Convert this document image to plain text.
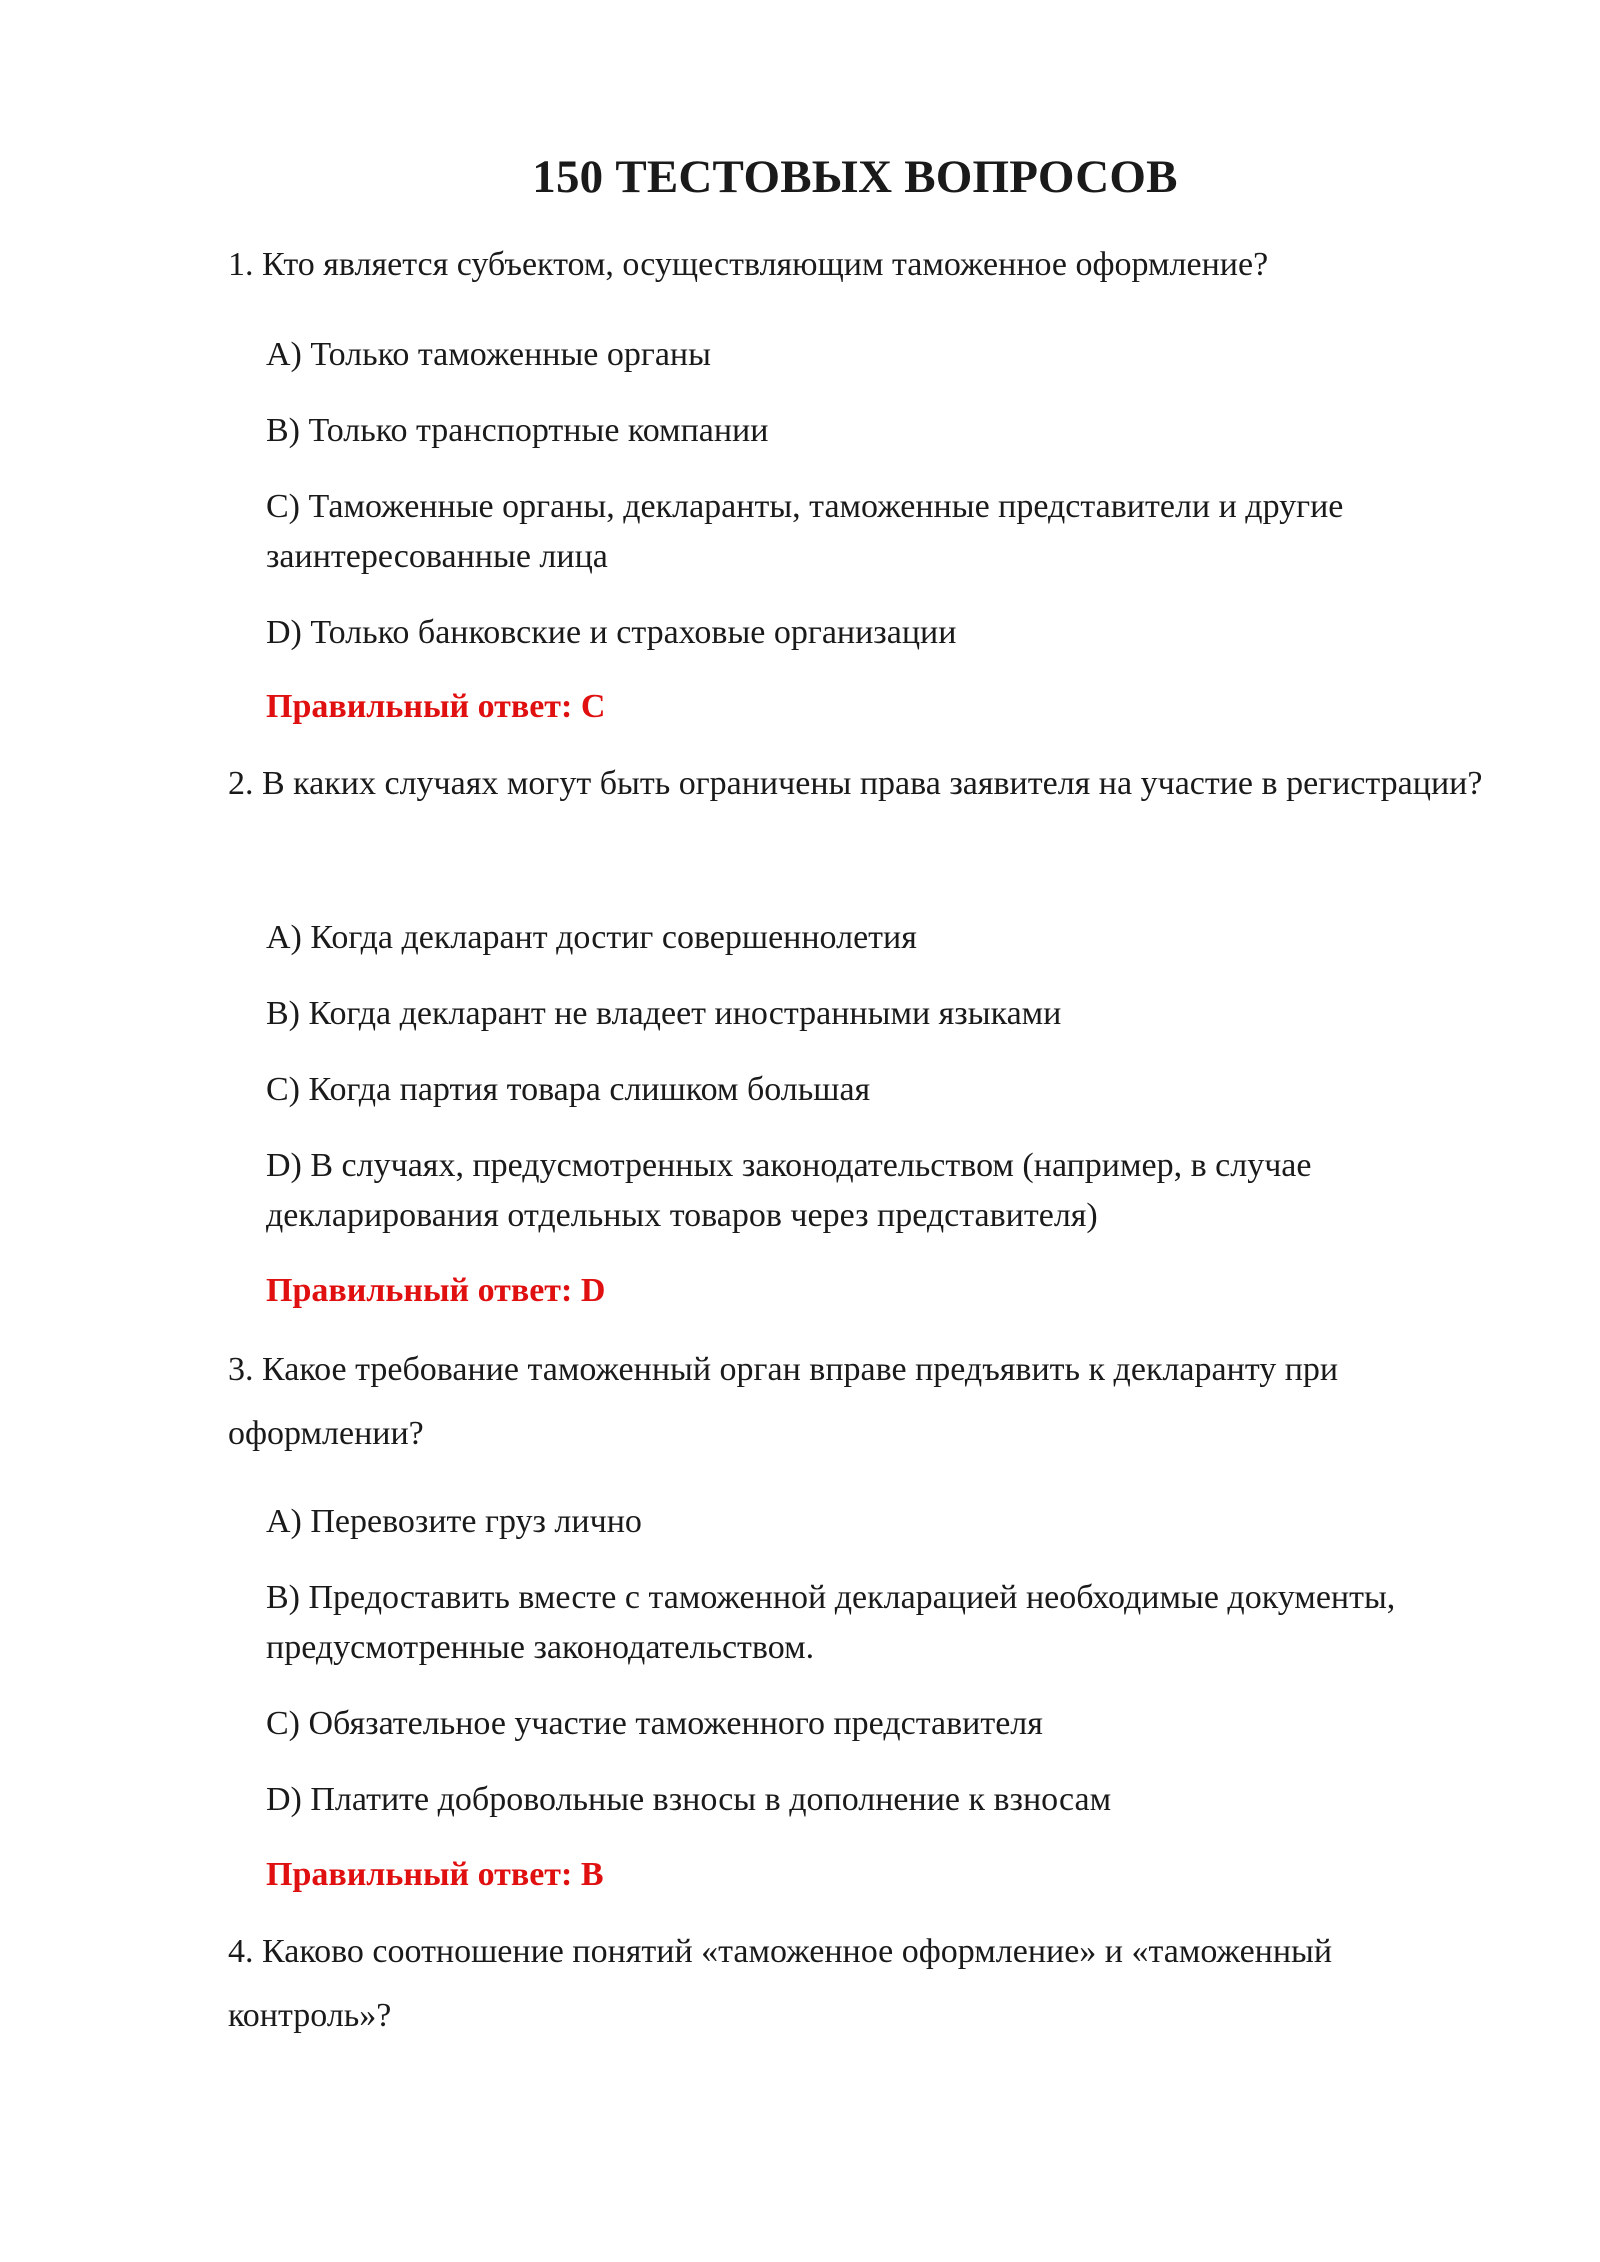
150 ТЕСТОВЫХ ВОПРОСОВ
1. Кто является субъектом, осуществляющим таможенное оформление?
A) Только таможенные органы
B) Только транспортные компании
C) Таможенные органы, декларанты, таможенные представители и другие заинтересованные лица
D) Только банковские и страховые организации
Правильный ответ: C
2. В каких случаях могут быть ограничены права заявителя на участие в регистрации?
A) Когда декларант достиг совершеннолетия
B) Когда декларант не владеет иностранными языками
C) Когда партия товара слишком большая
D) В случаях, предусмотренных законодательством (например, в случае декларирования отдельных товаров через представителя)
Правильный ответ: D
3. Какое требование таможенный орган вправе предъявить к декларанту при оформлении?
A) Перевозите груз лично
B) Предоставить вместе с таможенной декларацией необходимые документы, предусмотренные законодательством.
C) Обязательное участие таможенного представителя
D) Платите добровольные взносы в дополнение к взносам
Правильный ответ: B
4. Каково соотношение понятий «таможенное оформление» и «таможенный контроль»?
